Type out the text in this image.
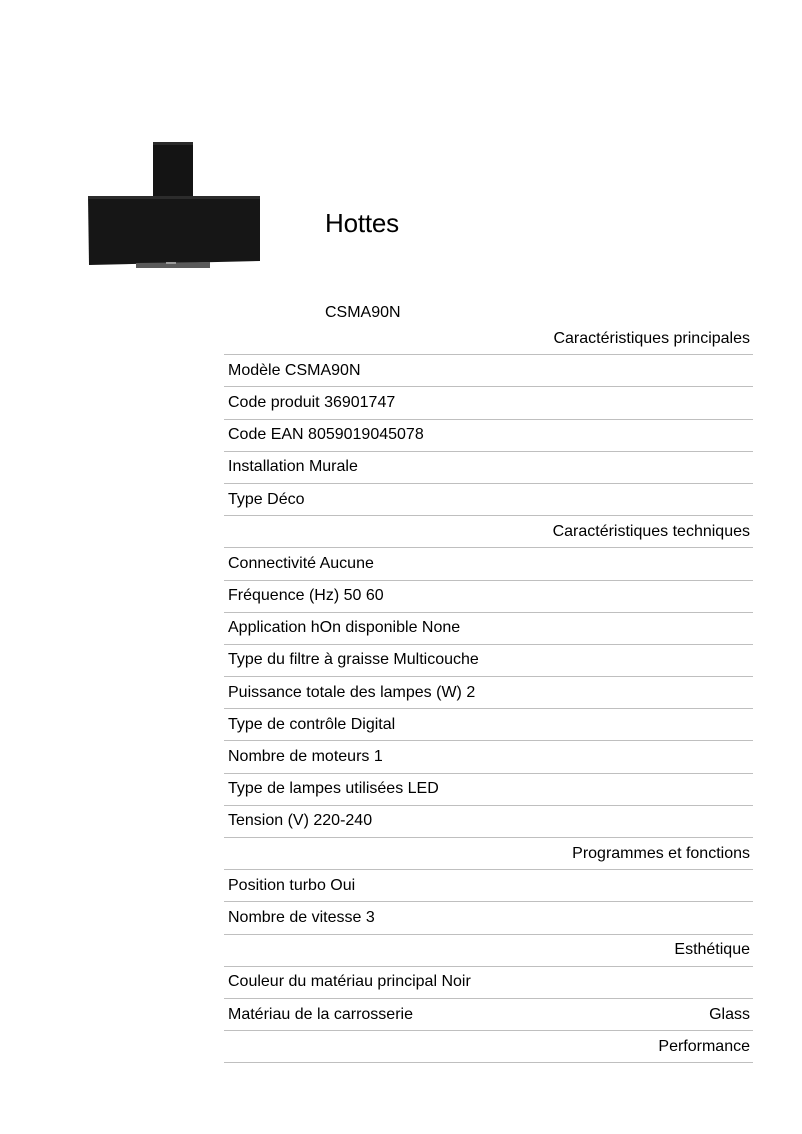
Hottes
CSMA90N
Caractéristiques principales
Modèle CSMA90N
Code produit 36901747
Code EAN 8059019045078
Installation Murale
Type Déco
Caractéristiques techniques
Connectivité Aucune
Fréquence (Hz) 50 60
Application hOn disponible None
Type du filtre à graisse Multicouche
Puissance totale des lampes (W) 2
Type de contrôle Digital
Nombre de moteurs 1
Type de lampes utilisées LED
Tension (V) 220-240
Programmes et fonctions
Position turbo Oui
Nombre de vitesse 3
Esthétique
Couleur du matériau principal Noir
Matériau de la carrosserie	Glass
Performance
